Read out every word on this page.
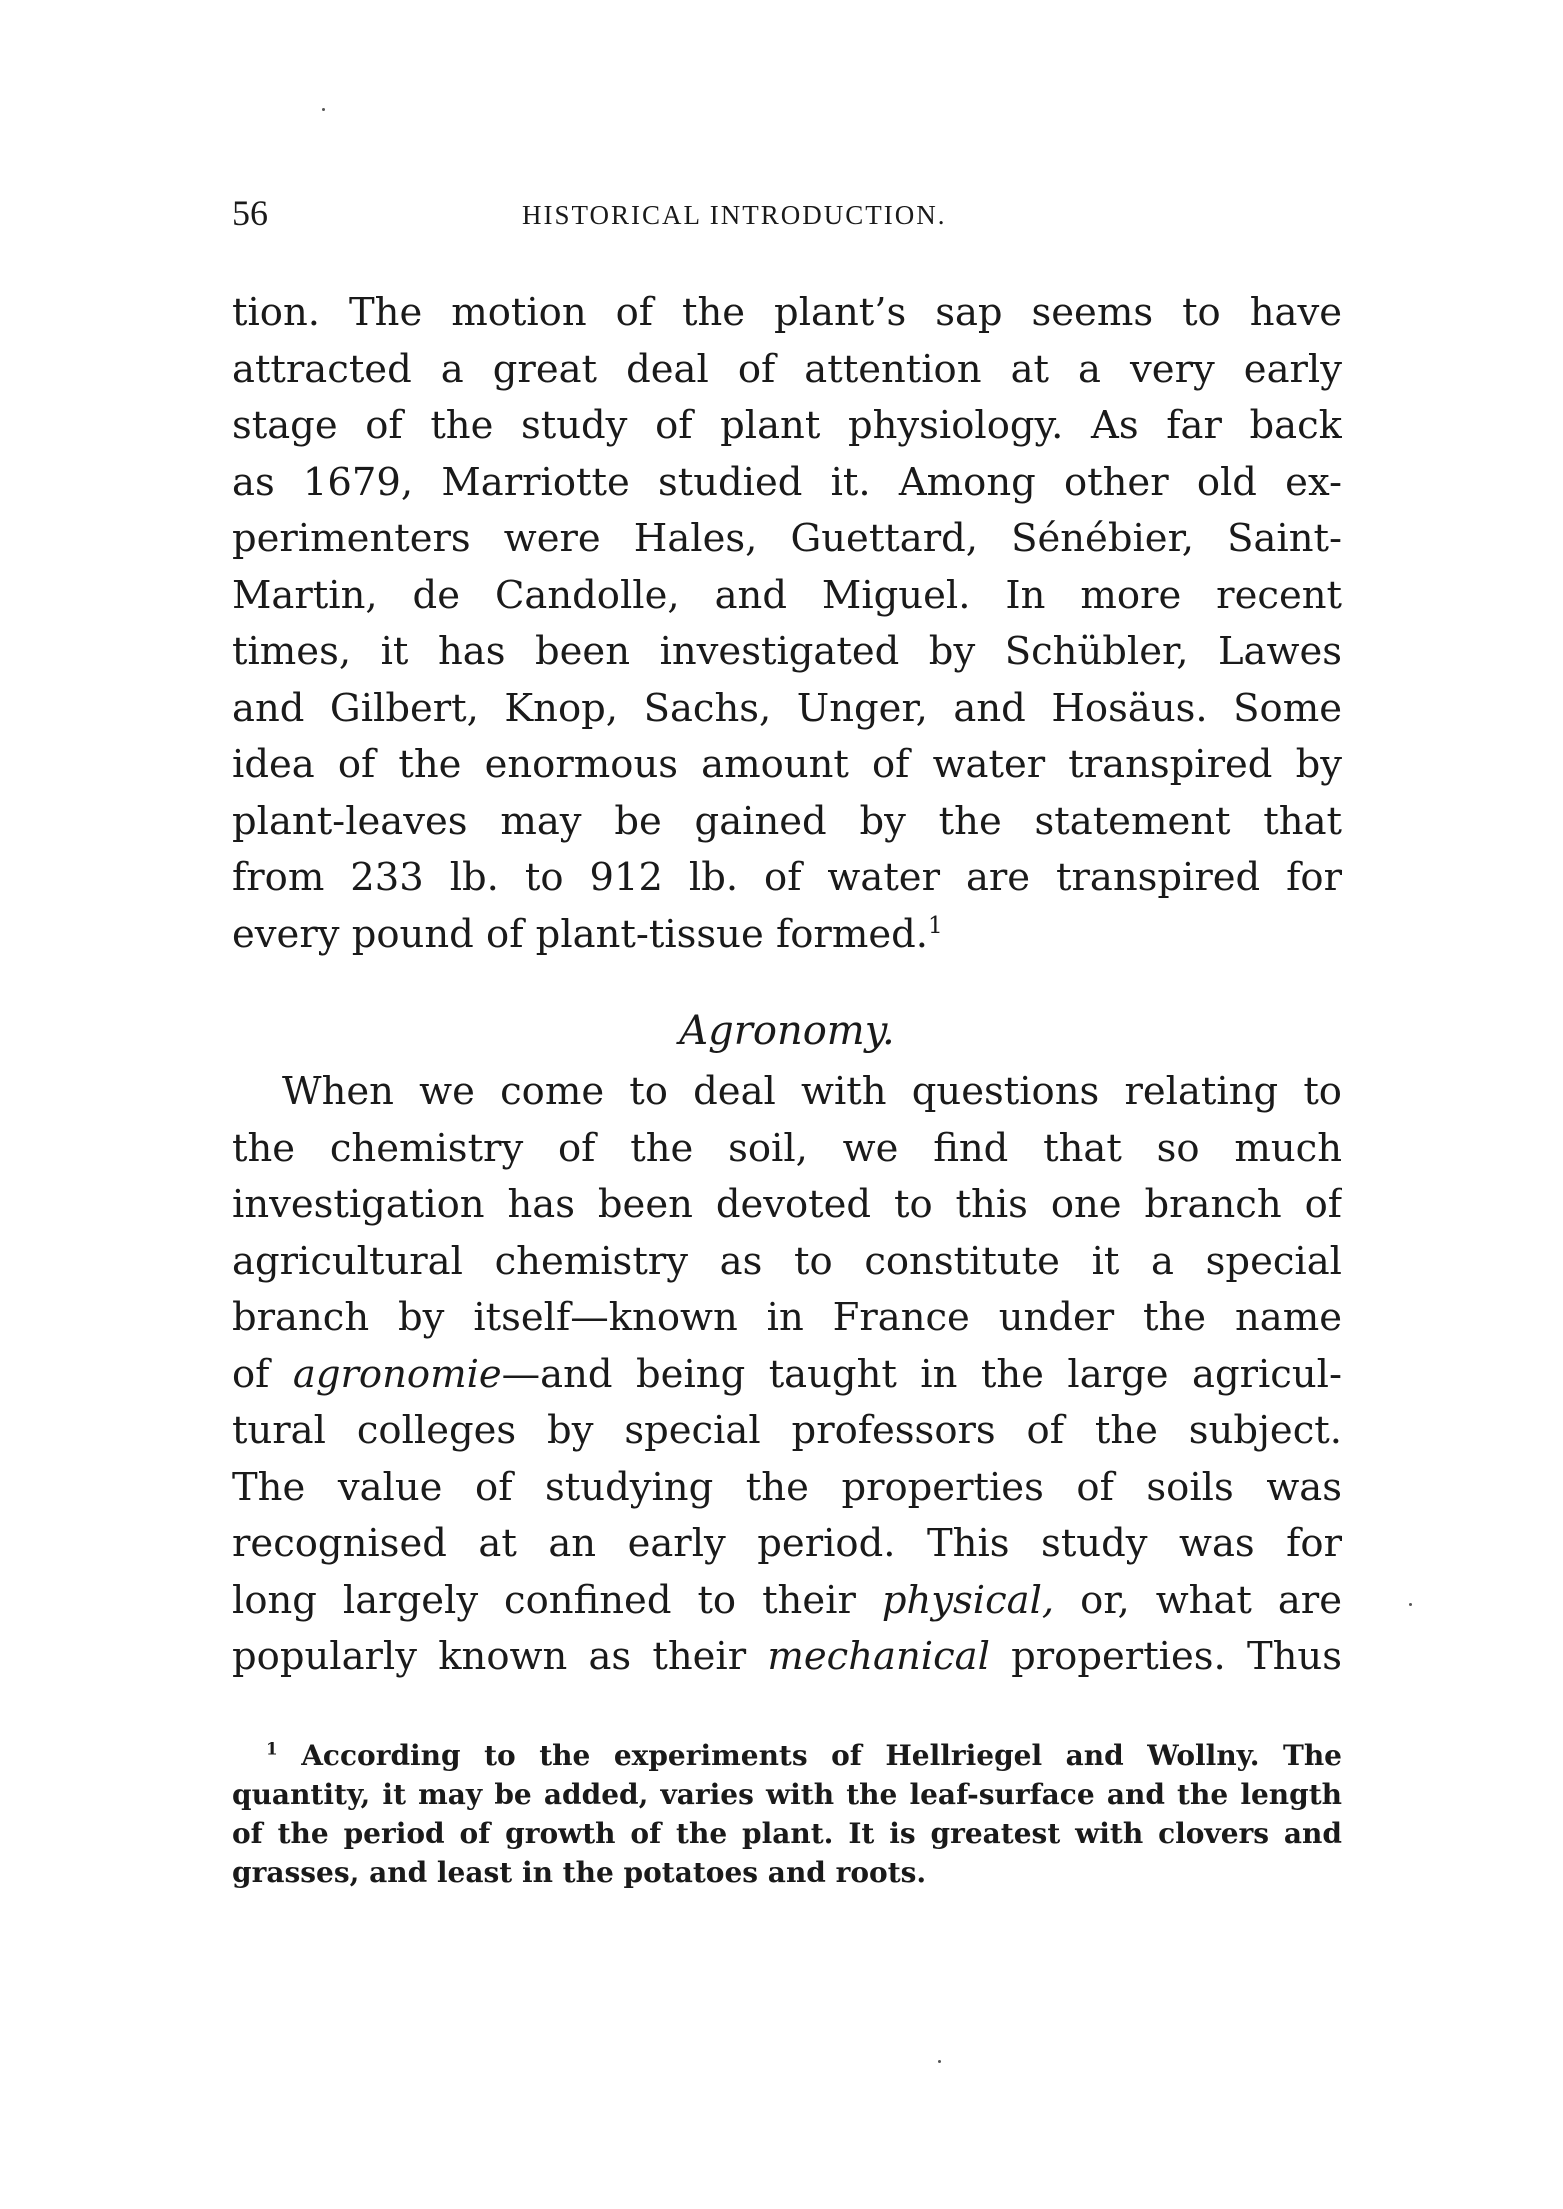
56	HISTORICAL INTRODUCTION.
tion. The motion of the plant’s sap seems to have
attracted a great deal of attention at a very early
stage of the study of plant physiology. As far back
as 1679, Marriotte studied it. Among other old ex-
perimenters were Hales, Guettard, Sénébier, Saint-
Martin, de Candolle, and Miguel. In more recent
times, it has been investigated by Schübler, Lawes
and Gilbert, Knop, Sachs, Unger, and Hosäus. Some
idea of the enormous amount of water transpired by
plant-leaves may be gained by the statement that
from 233 lb. to 912 lb. of water are transpired for
every pound of plant-tissue formed.$^1$
Agronomy.
When we come to deal with questions relating to
the chemistry of the soil, we find that so much
investigation has been devoted to this one branch of
agricultural chemistry as to constitute it a special
branch by itself—known in France under the name
of agronomie—and being taught in the large agricul-
tural colleges by special professors of the subject.
The value of studying the properties of soils was
recognised at an early period. This study was for
long largely confined to their physical, or, what are
popularly known as their mechanical properties. Thus
$^1$ According to the experiments of Hellriegel and Wollny. The
quantity, it may be added, varies with the leaf-surface and the length
of the period of growth of the plant. It is greatest with clovers and
grasses, and least in the potatoes and roots.
